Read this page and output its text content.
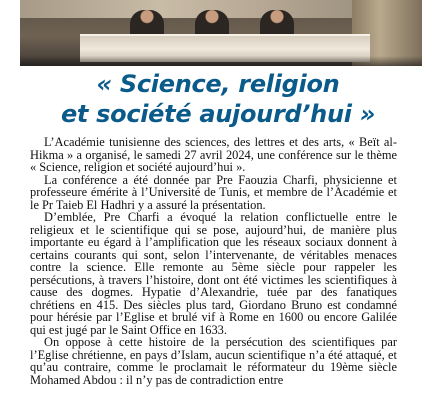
« Science, religion
et société aujourd’hui »

L’Académie tunisienne des sciences, des lettres et des arts, « Beït al-Hikma » a organisé, le samedi 27 avril 2024, une conférence sur le thème « Science, religion et société aujourd’hui ».

La conférence a été donnée par Pre Faouzia Charfi, physicienne et professeure émérite à l’Université de Tunis, et membre de l’Académie et le Pr Taieb El Hadhri y a assuré la présentation.

D’emblée, Pre Charfi a évoqué la relation conflictuelle entre le religieux et le scientifique qui se pose, aujourd’hui, de manière plus importante eu égard à l’amplification que les réseaux sociaux donnent à certains courants qui sont, selon l’intervenante, de véritables menaces contre la science. Elle remonte au 5ème siècle pour rappeler les persécutions, à travers l’histoire, dont ont été victimes les scientifiques à cause des dogmes. Hypatie d’Alexandrie, tuée par des fanatiques chrétiens en 415. Des siècles plus tard, Giordano Bruno est condamné pour hérésie par l’Eglise et brulé vif à Rome en 1600 ou encore Galilée qui est jugé par le Saint Office en 1633.

On oppose à cette histoire de la persécution des scientifiques par l’Eglise chrétienne, en pays d’Islam, aucun scientifique n’a été attaqué, et qu’au contraire, comme le proclamait le réformateur du 19ème siècle Mohamed Abdou : il n’y pas de contradiction entre
